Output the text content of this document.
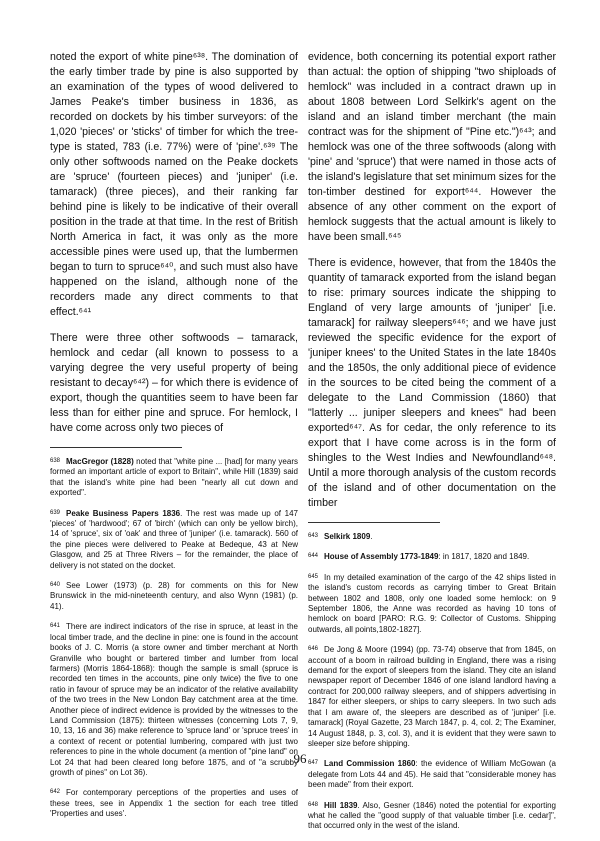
noted the export of white pine⁶³⁸. The domination of the early timber trade by pine is also supported by an examination of the types of wood delivered to James Peake's timber business in 1836, as recorded on dockets by his timber surveyors: of the 1,020 'pieces' or 'sticks' of timber for which the tree-type is stated, 783 (i.e. 77%) were of 'pine'.⁶³⁹ The only other softwoods named on the Peake dockets are 'spruce' (fourteen pieces) and 'juniper' (i.e. tamarack) (three pieces), and their ranking far behind pine is likely to be indicative of their overall position in the trade at that time. In the rest of British North America in fact, it was only as the more accessible pines were used up, that the lumbermen began to turn to spruce⁶⁴⁰, and such must also have happened on the island, although none of the recorders made any direct comments to that effect.⁶⁴¹

There were three other softwoods – tamarack, hemlock and cedar (all known to possess to a varying degree the very useful property of being resistant to decay⁶⁴²) – for which there is evidence of export, though the quantities seem to have been far less than for either pine and spruce. For hemlock, I have come across only two pieces of

$^{638}$ MacGregor (1828) noted that "white pine ... [had] for many years formed an important article of export to Britain", while Hill (1839) said that the island's white pine had been "nearly all cut down and exported".

$^{639}$ Peake Business Papers 1836. The rest was made up of 147 'pieces' of 'hardwood'; 67 of 'birch' (which can only be yellow birch), 14 of 'spruce', six of 'oak' and three of 'juniper' (i.e. tamarack). 560 of the pine pieces were delivered to Peake at Bedeque, 43 at New Glasgow, and 25 at Three Rivers – for the remainder, the place of delivery is not stated on the docket.

$^{640}$ See Lower (1973) (p. 28) for comments on this for New Brunswick in the mid-nineteenth century, and also Wynn (1981) (p. 41).

$^{641}$ There are indirect indicators of the rise in spruce, at least in the local timber trade, and the decline in pine: one is found in the account books of J. C. Morris (a store owner and timber merchant at North Granville who bought or bartered timber and lumber from local farmers) (Morris 1864-1868): though the sample is small (spruce is recorded ten times in the accounts, pine only twice) the five to one ratio in favour of spruce may be an indicator of the relative availability of the two trees in the New London Bay catchment area at the time. Another piece of indirect evidence is provided by the witnesses to the Land Commission (1875): thirteen witnesses (concerning Lots 7, 9, 10, 13, 16 and 36) make reference to 'spruce land' or 'spruce trees' in a context of recent or potential lumbering, compared with just two references to pine in the whole document (a mention of "pine land" on Lot 24 that had been cleared long before 1875, and of "a scrubby growth of pines" on Lot 36).

$^{642}$ For contemporary perceptions of the properties and uses of these trees, see in Appendix 1 the section for each tree titled 'Properties and uses'.

evidence, both concerning its potential export rather than actual: the option of shipping "two shiploads of hemlock" was included in a contract drawn up in about 1808 between Lord Selkirk's agent on the island and an island timber merchant (the main contract was for the shipment of "Pine etc.")⁶⁴³; and hemlock was one of the three softwoods (along with 'pine' and 'spruce') that were named in those acts of the island's legislature that set minimum sizes for the ton-timber destined for export⁶⁴⁴. However the absence of any other comment on the export of hemlock suggests that the actual amount is likely to have been small.⁶⁴⁵

There is evidence, however, that from the 1840s the quantity of tamarack exported from the island began to rise: primary sources indicate the shipping to England of very large amounts of 'juniper' [i.e. tamarack] for railway sleepers⁶⁴⁶; and we have just reviewed the specific evidence for the export of 'juniper knees' to the United States in the late 1840s and the 1850s, the only additional piece of evidence in the sources to be cited being the comment of a delegate to the Land Commission (1860) that "latterly ... juniper sleepers and knees" had been exported⁶⁴⁷. As for cedar, the only reference to its export that I have come across is in the form of shingles to the West Indies and Newfoundland⁶⁴⁸. Until a more thorough analysis of the custom records of the island and of other documentation on the timber

$^{643}$ Selkirk 1809.

$^{644}$ House of Assembly 1773-1849: in 1817, 1820 and 1849.

$^{645}$ In my detailed examination of the cargo of the 42 ships listed in the island's custom records as carrying timber to Great Britain between 1802 and 1808, only one loaded some hemlock: on 9 September 1806, the Anne was recorded as having 10 tons of hemlock on board [PARO: R.G. 9: Collector of Customs. Shipping outwards, all points,1802-1827].

$^{646}$ De Jong & Moore (1994) (pp. 73-74) observe that from 1845, on account of a boom in railroad building in England, there was a rising demand for the export of sleepers from the island. They cite an island newspaper report of December 1846 of one island landlord having a contract for 200,000 railway sleepers, and of shippers advertising in 1847 for either sleepers, or ships to carry sleepers. In two such ads that I am aware of, the sleepers are described as of 'juniper' [i.e. tamarack] (Royal Gazette, 23 March 1847, p. 4, col. 2; The Examiner, 14 August 1848, p. 3, col. 3), and it is evident that they were sawn to sleeper size before shipping.

$^{647}$ Land Commission 1860: the evidence of William McGowan (a delegate from Lots 44 and 45). He said that "considerable money has been made" from their export.

$^{648}$ Hill 1839. Also, Gesner (1846) noted the potential for exporting what he called the "good supply of that valuable timber [i.e. cedar]", that occurred only in the west of the island.

96
